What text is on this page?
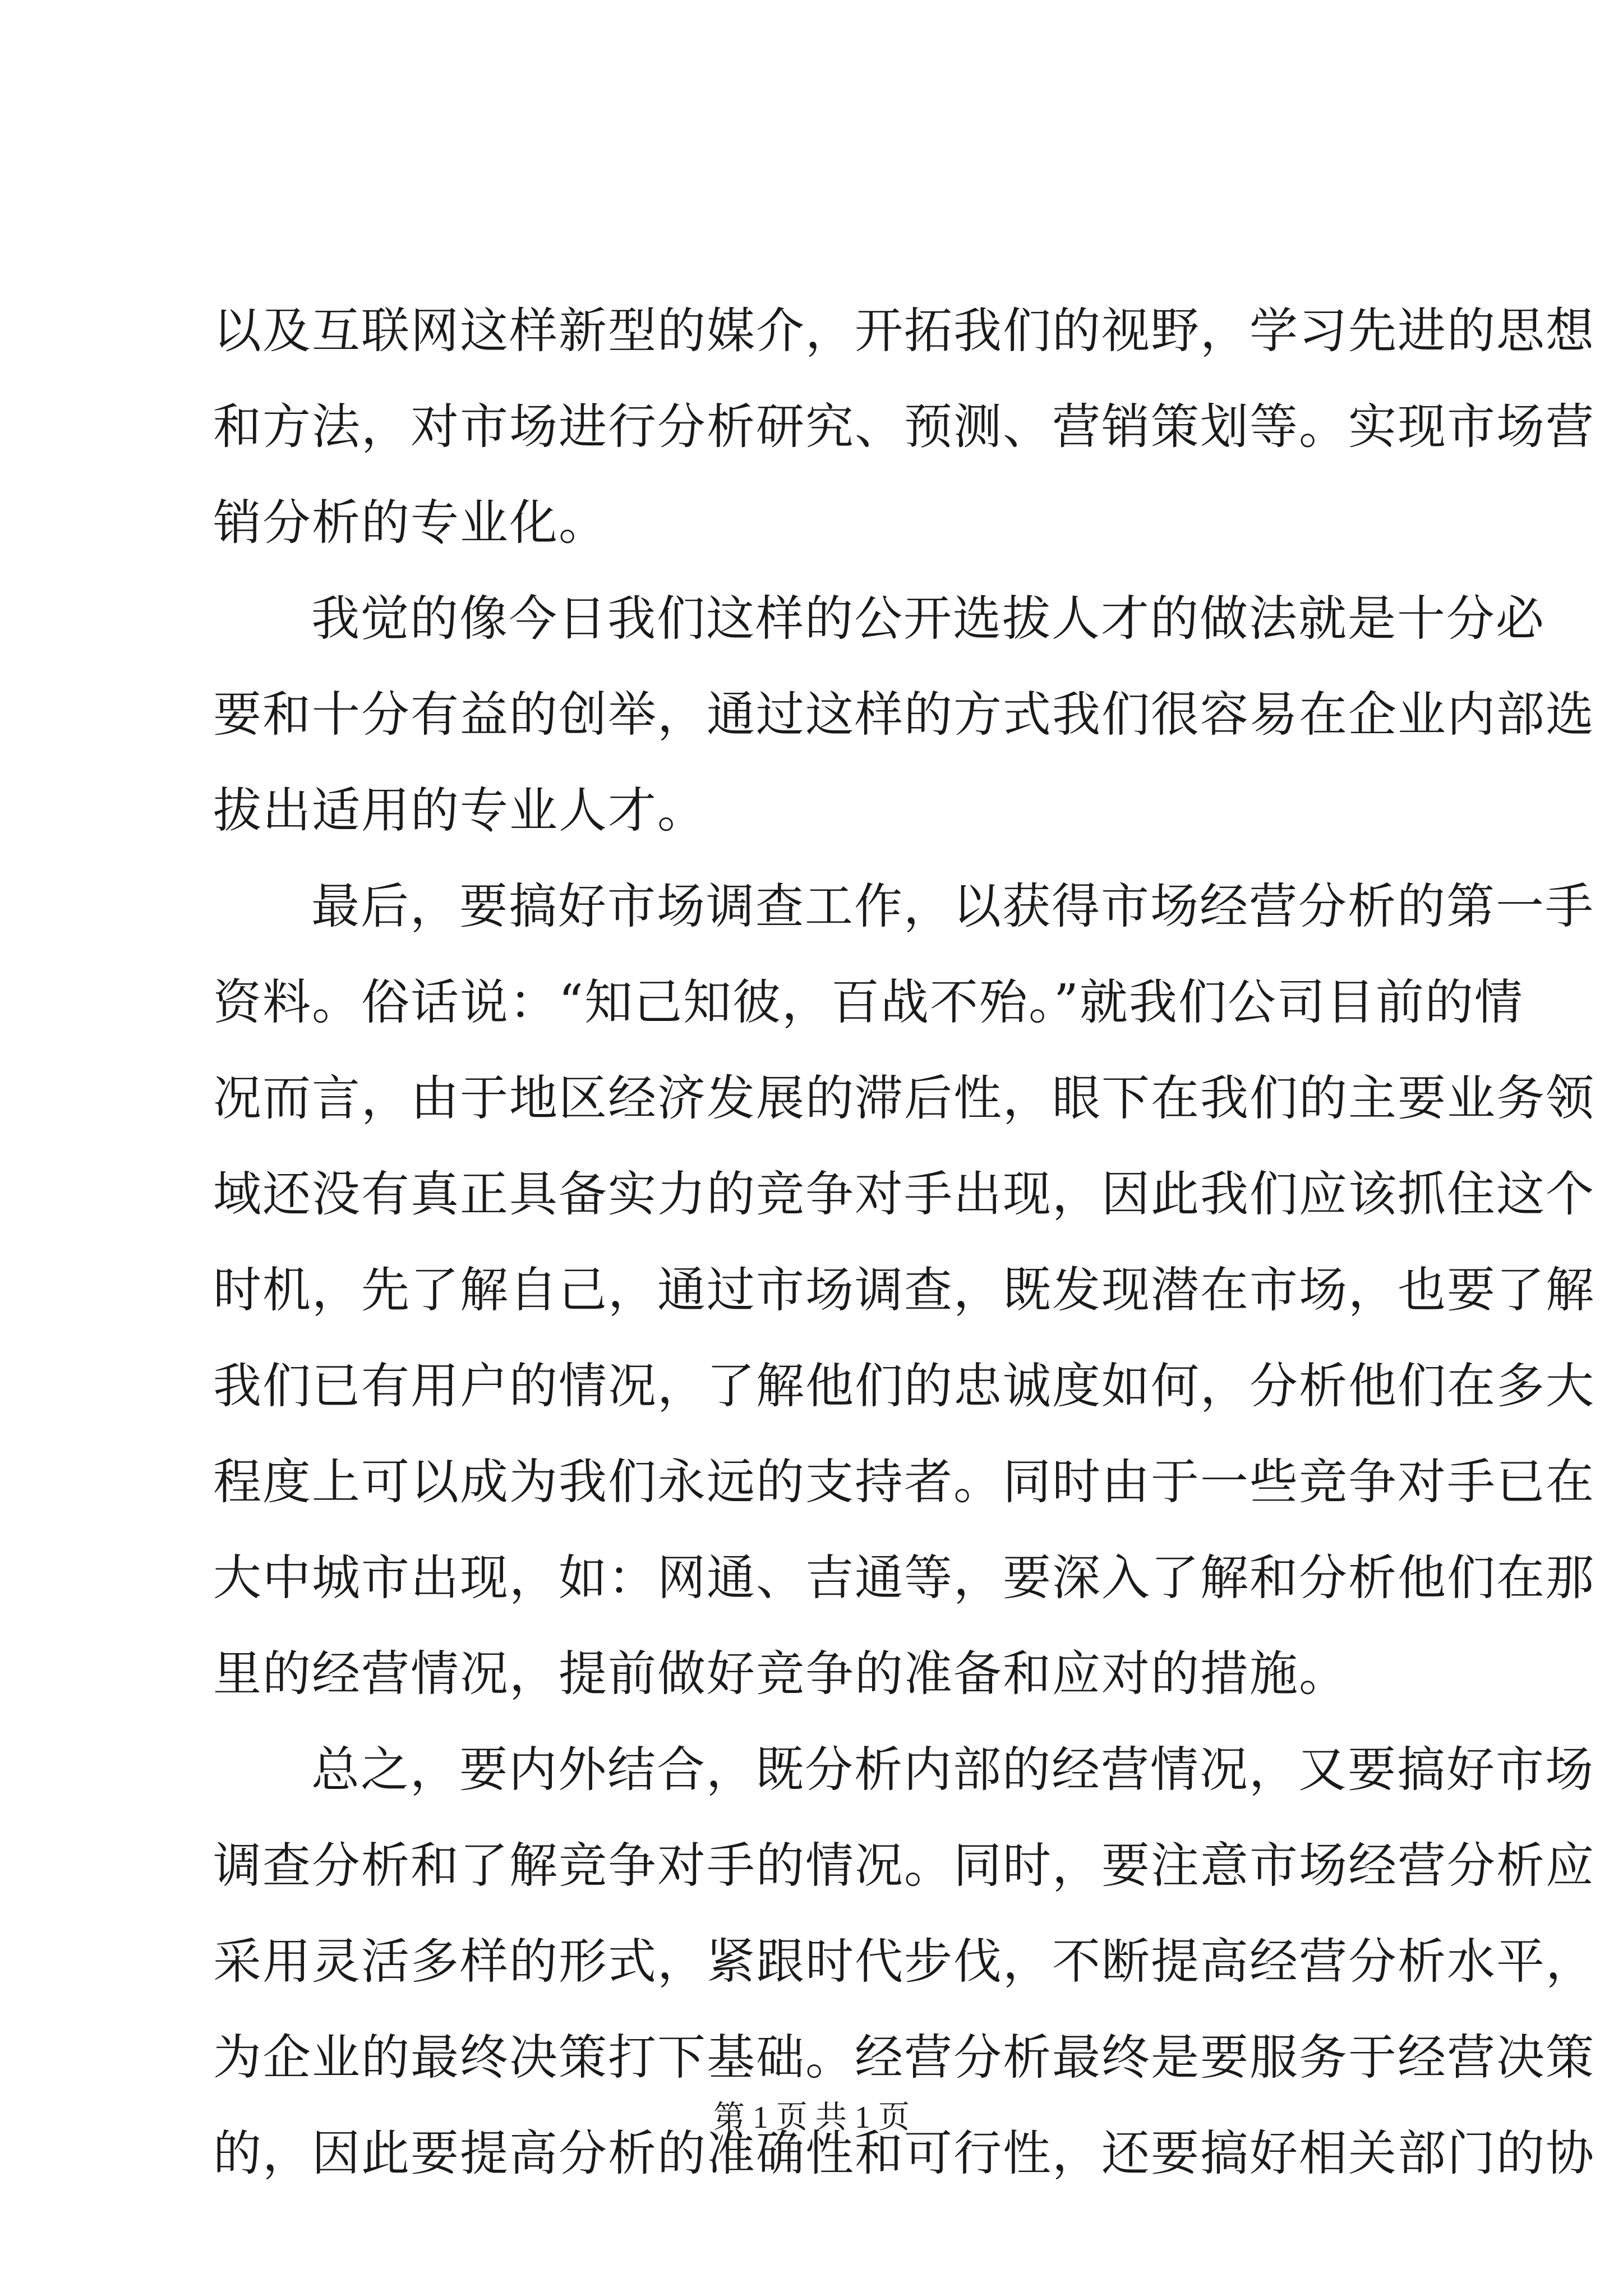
以及互联网这样新型的媒介，开拓我们的视野，学习先进的思想
和方法，对市场进行分析研究、预测、营销策划等。实现市场营
销分析的专业化。
我觉的像今日我们这样的公开选拔人才的做法就是十分必
要和十分有益的创举，通过这样的方式我们很容易在企业内部选
拔出适用的专业人才。
最后，要搞好市场调查工作，以获得市场经营分析的第一手
资料。俗话说：“知己知彼，百战不殆。”就我们公司目前的情
况而言，由于地区经济发展的滞后性，眼下在我们的主要业务领
域还没有真正具备实力的竞争对手出现，因此我们应该抓住这个
时机，先了解自己，通过市场调查，既发现潜在市场，也要了解
我们已有用户的情况，了解他们的忠诚度如何，分析他们在多大
程度上可以成为我们永远的支持者。同时由于一些竞争对手已在
大中城市出现，如：网通、吉通等，要深入了解和分析他们在那
里的经营情况，提前做好竞争的准备和应对的措施。
总之，要内外结合，既分析内部的经营情况，又要搞好市场
调查分析和了解竞争对手的情况。同时，要注意市场经营分析应
采用灵活多样的形式，紧跟时代步伐，不断提高经营分析水平，
为企业的最终决策打下基础。经营分析最终是要服务于经营决策
的，因此要提高分析的准确性和可行性，还要搞好相关部门的协
第 1 页 共 1 页
